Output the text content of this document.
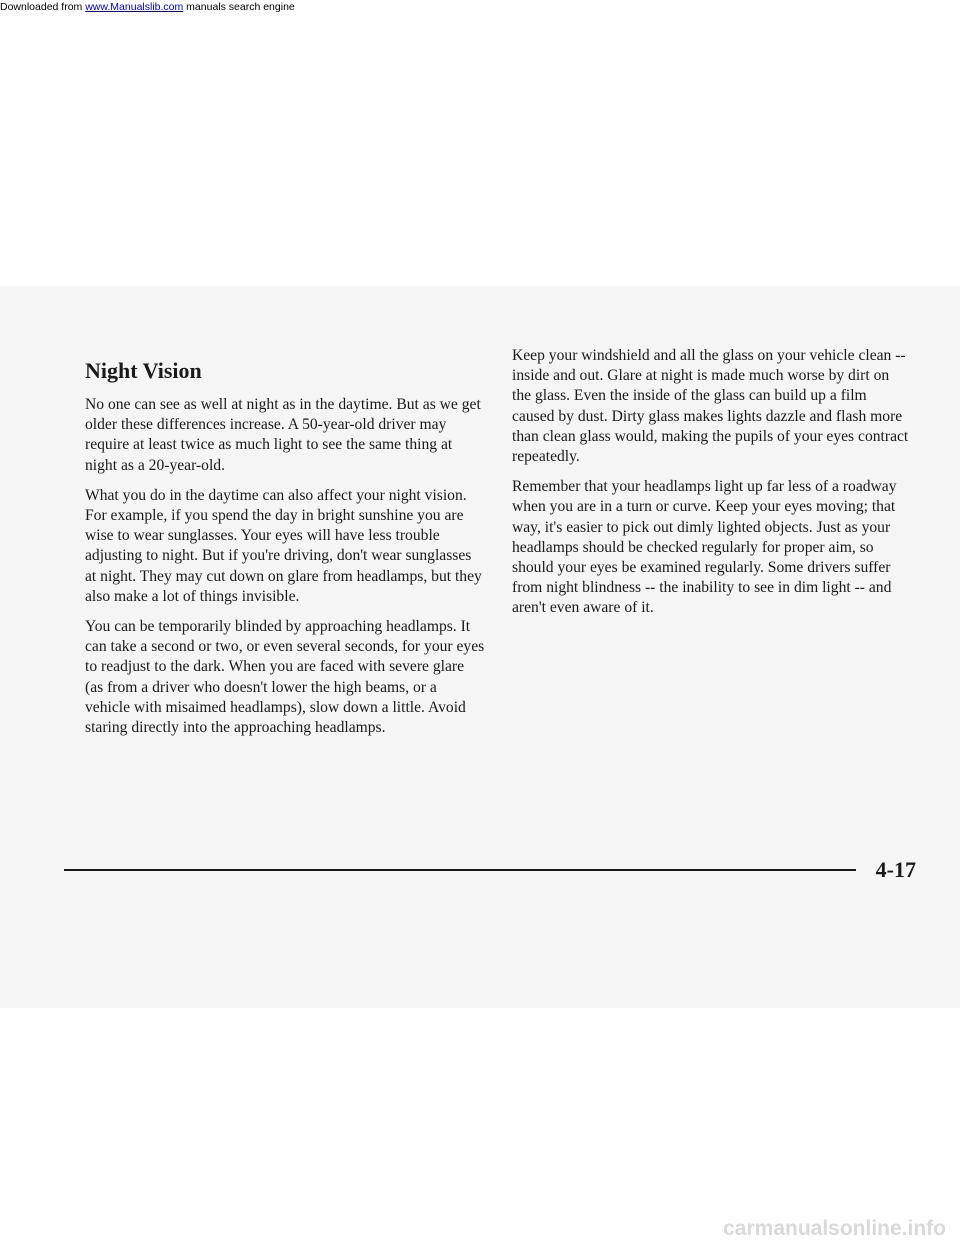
Downloaded from www.Manualslib.com manuals search engine
Night Vision

No one can see as well at night as in the daytime. But as we get older these differences increase. A 50-year-old driver may require at least twice as much light to see the same thing at night as a 20-year-old.

What you do in the daytime can also affect your night vision. For example, if you spend the day in bright sunshine you are wise to wear sunglasses. Your eyes will have less trouble adjusting to night. But if you're driving, don't wear sunglasses at night. They may cut down on glare from headlamps, but they also make a lot of things invisible.

You can be temporarily blinded by approaching headlamps. It can take a second or two, or even several seconds, for your eyes to readjust to the dark. When you are faced with severe glare (as from a driver who doesn't lower the high beams, or a vehicle with misaimed headlamps), slow down a little. Avoid staring directly into the approaching headlamps.

Keep your windshield and all the glass on your vehicle clean -- inside and out. Glare at night is made much worse by dirt on the glass. Even the inside of the glass can build up a film caused by dust. Dirty glass makes lights dazzle and flash more than clean glass would, making the pupils of your eyes contract repeatedly.

Remember that your headlamps light up far less of a roadway when you are in a turn or curve. Keep your eyes moving; that way, it's easier to pick out dimly lighted objects. Just as your headlamps should be checked regularly for proper aim, so should your eyes be examined regularly. Some drivers suffer from night blindness -- the inability to see in dim light -- and aren't even aware of it.

4-17
carmanualsonline.info
